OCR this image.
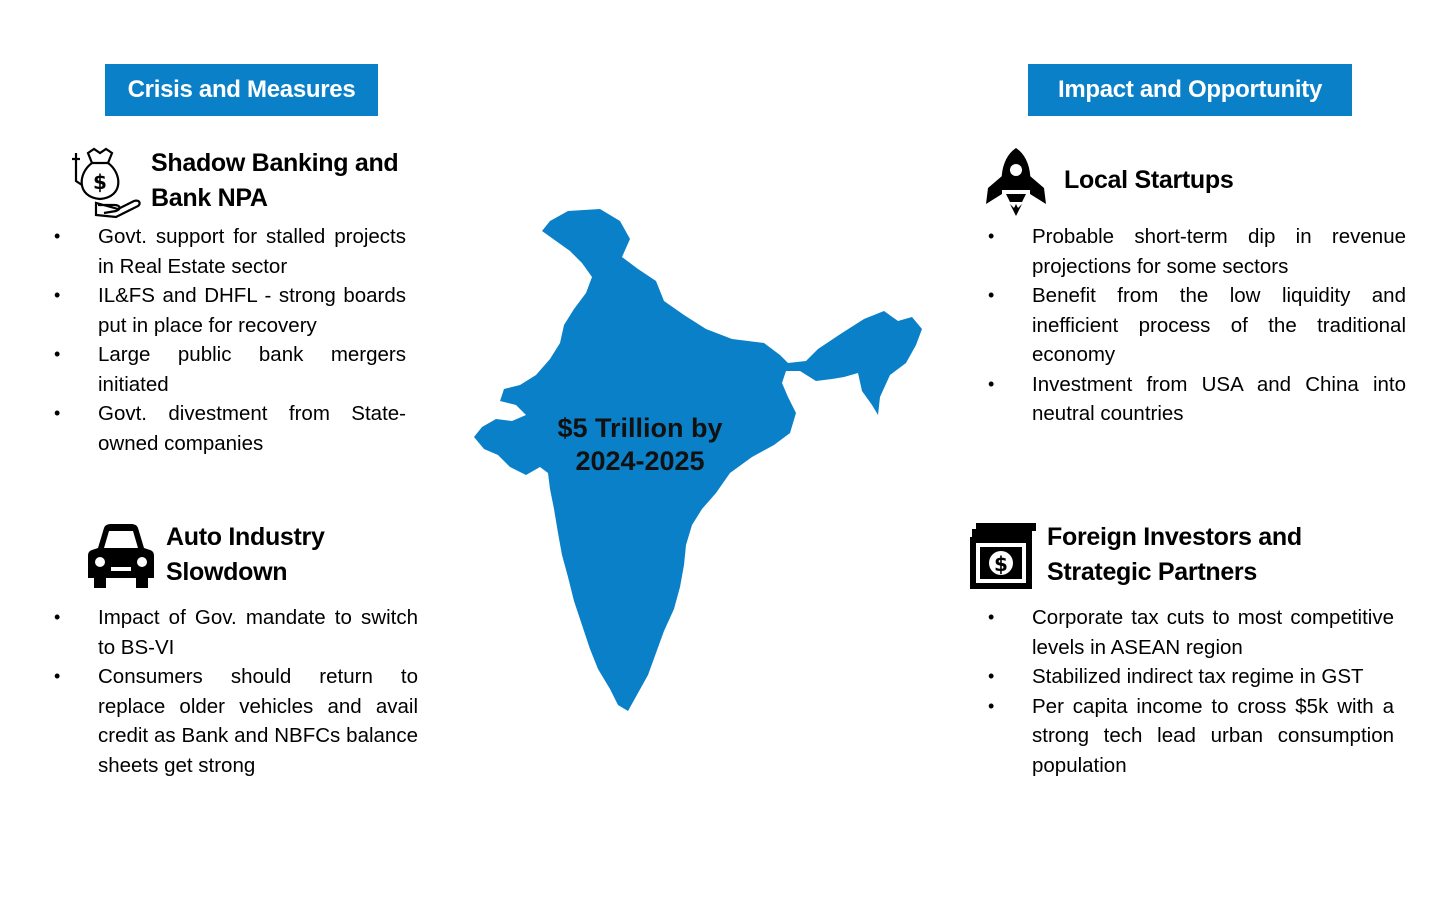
Crisis and Measures	Impact and Opportunity
$5 Trillion by
2024-2025
$
Shadow Banking and
Bank NPA
• Govt. support for stalled projects in Real Estate sector
• IL&FS and DHFL - strong boards put in place for recovery
• Large public bank mergers initiated
• Govt. divestment from State-owned companies
Auto Industry
Slowdown
• Impact of Gov. mandate to switch to BS-VI
• Consumers should return to replace older vehicles and avail credit as Bank and NBFCs balance sheets get strong
Local Startups
• Probable short-term dip in revenue projections for some sectors
• Benefit from the low liquidity and inefficient process of the traditional economy
• Investment from USA and China into neutral countries
$
Foreign Investors and
Strategic Partners
• Corporate tax cuts to most competitive levels in ASEAN region
• Stabilized indirect tax regime in GST
• Per capita income to cross $5k with a strong tech lead urban consumption population
